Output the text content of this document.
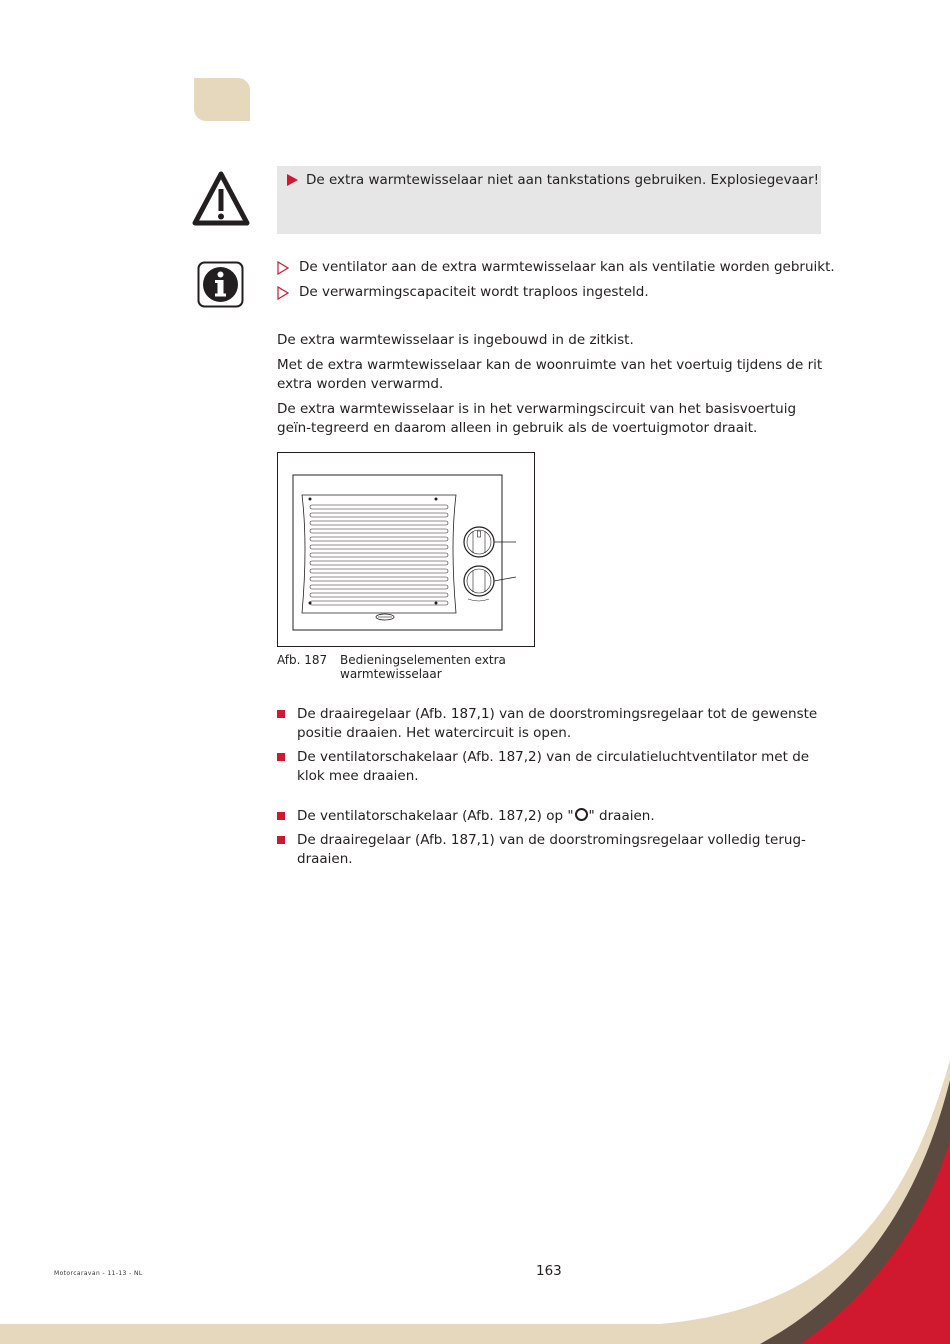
De extra warmtewisselaar niet aan tankstations gebruiken. Explosiegevaar!
De ventilator aan de extra warmtewisselaar kan als ventilatie worden gebruikt.
De verwarmingscapaciteit wordt traploos ingesteld.

De extra warmtewisselaar is ingebouwd in de zitkist.

Met de extra warmtewisselaar kan de woonruimte van het voertuig tijdens de rit extra worden verwarmd.

De extra warmtewisselaar is in het verwarmingscircuit van het basisvoertuig geïn-tegreerd en daarom alleen in gebruik als de voertuigmotor draait.

Afb. 187	Bedieningselementen extra warmtewisselaar
De draairegelaar (Afb. 187,1) van de doorstromingsregelaar tot de gewenste positie draaien. Het watercircuit is open.
De ventilatorschakelaar (Afb. 187,2) van de circulatieluchtventilator met de klok mee draaien.
De ventilatorschakelaar (Afb. 187,2) op " " draaien.
De draairegelaar (Afb. 187,1) van de doorstromingsregelaar volledig terug-draaien.
Motorcaravan - 11-13 - NL	163
